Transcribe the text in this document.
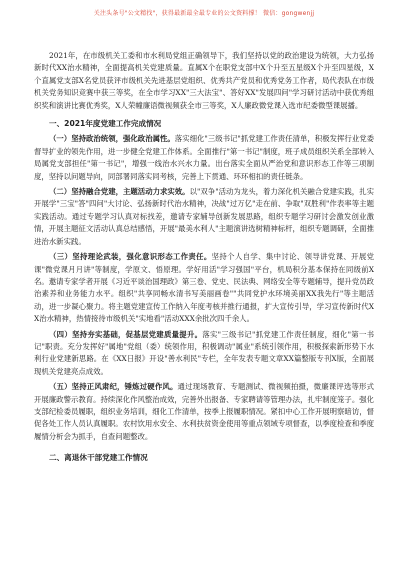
关注头条号"公文精找"，获得最新最全最专业的公文资料撑！ 微信：gongwenjj

2021年，在市级机关工委和市水利局党组正确领导下，我们坚持以党的政治建设为统领，大力弘扬新时代XX治水精神，全面提高机关党建质量。直属X个在职党支部中X个升至五星级X个升至四星级，X个直属党支部X名党员获评市级机关先进基层党组织、优秀共产党员和优秀党务工作者，局代表队在市级机关党务知识竞赛中获三等奖，在全市学习XX"三大法宝"、答好XX"发展四问"学习研讨活动中获优秀组织奖和演讲比赛优秀奖，X人荣幢廉语微视频获全市三等奖，X人廉政微党课入选市纪委微型课展播。

一、2021年度党建工作完成情况

（一）坚持政治统领，强化政治属性。落实细化"三级书记"抓党建工作责任清单，积极发挥行业党委督导扩业的领先作用，进一步健全党建工作体系。全面推行"第一书记"制度，班子成员组织关系全部转入局属党支部担任"第一书记"，增强一线治水兴水力量。出台落实全面从严治党和意识形态工作等三项制度，坚持以问题导向，同部署同落实同考核，完善上下贯通、环环相扣的责任链条。

（二）坚持融合党建，主题活动力求实效。以"双争"活动为龙头，着力深化机关融合党建实践，扎实开展学"三宝"答"四问"大讨论、弘扬新时代治水精神，决战"过万亿"走在前、争取"双胜利"作表率等主题实践活动。通过专题学习认真对标找差，邀请专家辅导创新发展思路，组织专题学习研讨会激发创业激情，开展主题征文活动认真总结感悟，开展"最美水利人"主题演讲选树精神标杆，组织专题调研，全面推进治水新实践。

（三）坚持理论武装，强化意识形态工作责任。坚持个人自学、集中讨论、领导讲党课、开展党课"微党课月月讲"等制度，学原文、悟原理。学好用活"学习强国"平台，机局积分基本保持在同级前X名。邀请专家学者开展《习近平谈治国理政》第三卷、党史、民法典、网络安全等专题辅导，提升党员政治素养和业务能力水平。组织"共享同畅水清书写美丽画卷""共同党护水环境美丽XX我先行"等主题活动，进一步凝心聚力。将主题党建宣传工作纳入年度考核并推行通报，扩大宣传引导，学习宣传新时代XX治水精神，热情接待市级机关"实地看"活动XXX余批次四千余人。

（四）坚持夯实基础，促基层党建质量提升。落实"三级书记"抓党建工作责任制度，细化"第一书记"职责。充分发挥好"属地"党组（委）统领作用，积极调动"属业"系统引领作用，积极探索新形势下水利行业党建新思路。在《XX日报》开设"善水利民"专栏，全年发表专题文章XX篇整版专刊X版，全面展现机关党建亮点成效。

（五）坚持正风肃纪，锤炼过硬作风。通过现场教育、专题测试、微视频拍摄，微廉课评选等形式开展廉政警示教育。持续深化作风整治成效，完善外出报备、专家聘请等管理办法，扎牢制度笼子。强化支部纪检委员履职，组织业务培训，细化工作清单，按季上报履职情况。紧扣中心工作开展明察暗访，督促各处工作人员认真履职。农村饮用水安全、水利扶贫资金使用等重点领域专项督查，以季度检查和季度履情分析会为抓手，自查问题整改。

二、离退休干部党建工作情况
